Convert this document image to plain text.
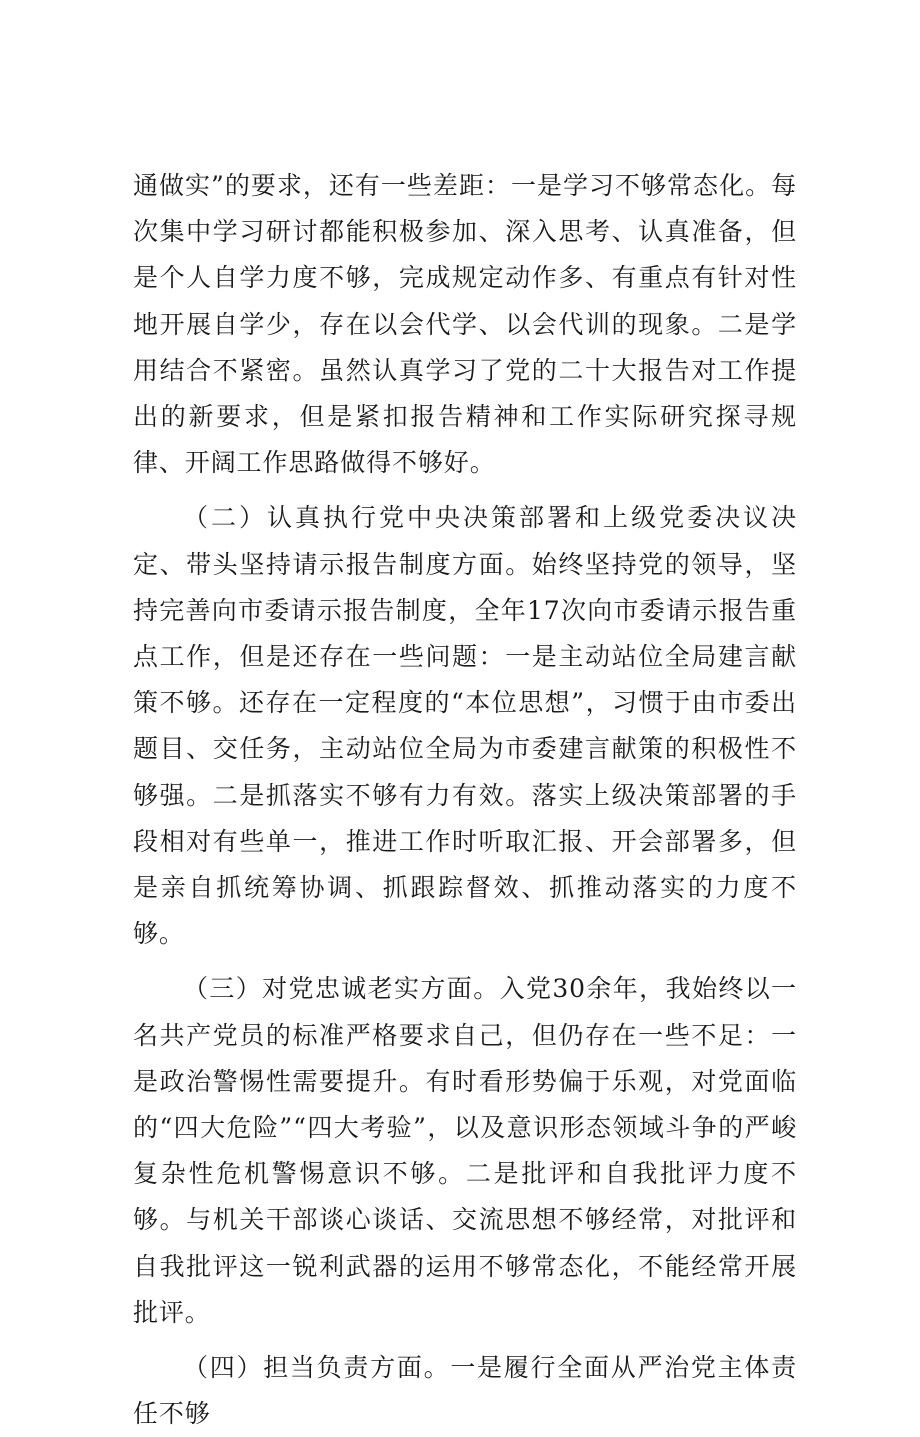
通做实”的要求，还有一些差距：一是学习不够常态化。每次集中学习研讨都能积极参加、深入思考、认真准备，但是个人自学力度不够，完成规定动作多、有重点有针对性地开展自学少，存在以会代学、以会代训的现象。二是学用结合不紧密。虽然认真学习了党的二十大报告对工作提出的新要求，但是紧扣报告精神和工作实际研究探寻规律、开阔工作思路做得不够好。

（二）认真执行党中央决策部署和上级党委决议决定、带头坚持请示报告制度方面。始终坚持党的领导，坚持完善向市委请示报告制度，全年17次向市委请示报告重点工作，但是还存在一些问题：一是主动站位全局建言献策不够。还存在一定程度的“本位思想”，习惯于由市委出题目、交任务，主动站位全局为市委建言献策的积极性不够强。二是抓落实不够有力有效。落实上级决策部署的手段相对有些单一，推进工作时听取汇报、开会部署多，但是亲自抓统筹协调、抓跟踪督效、抓推动落实的力度不够。

（三）对党忠诚老实方面。入党30余年，我始终以一名共产党员的标准严格要求自己，但仍存在一些不足：一是政治警惕性需要提升。有时看形势偏于乐观，对党面临的“四大危险”“四大考验”，以及意识形态领域斗争的严峻复杂性危机警惕意识不够。二是批评和自我批评力度不够。与机关干部谈心谈话、交流思想不够经常，对批评和自我批评这一锐利武器的运用不够常态化，不能经常开展批评。

（四）担当负责方面。一是履行全面从严治党主体责任不够
